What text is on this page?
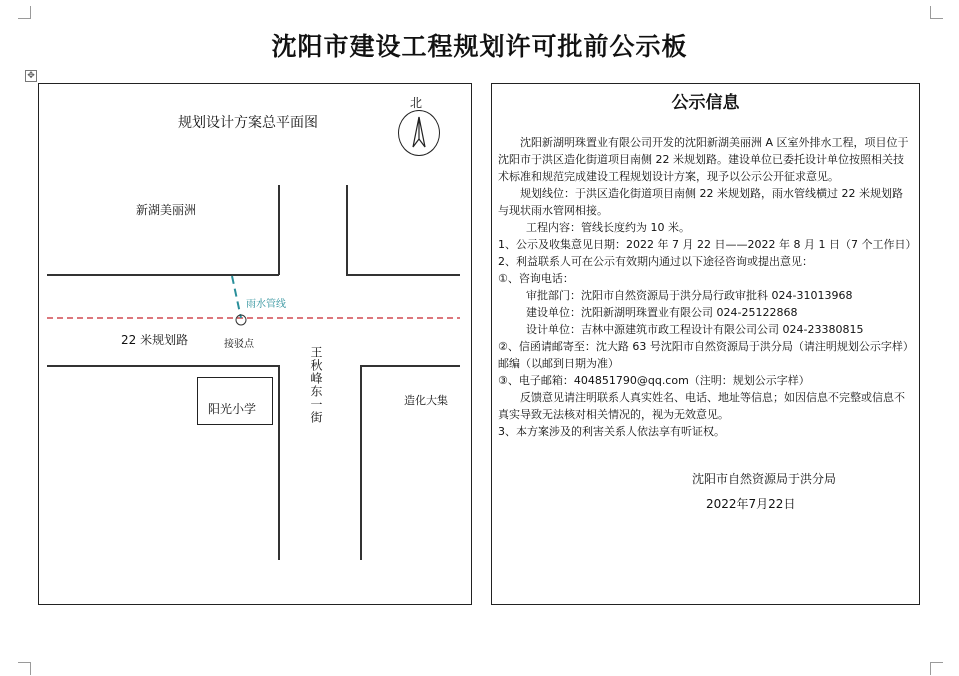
✥
沈阳市建设工程规划许可批前公示板
规划设计方案总平面图
北
新湖美丽洲
雨水管线
22 米规划路	接驳点
阳光小学	王秋峰东一街	造化大集
公示信息

沈阳新湖明珠置业有限公司开发的沈阳新湖美丽洲 A 区室外排水工程，项目位于沈阳市于洪区造化街道项目南侧 22 米规划路。建设单位已委托设计单位按照相关技术标准和规范完成建设工程规划设计方案，现予以公示公开征求意见。

规划线位：于洪区造化街道项目南侧 22 米规划路，雨水管线横过 22 米规划路与现状雨水管网相接。

工程内容：管线长度约为 10 米。

1、公示及收集意见日期：2022 年 7 月 22 日——2022 年 8 月 1 日（7 个工作日）

2、利益联系人可在公示有效期内通过以下途径咨询或提出意见：

①、咨询电话：

审批部门：沈阳市自然资源局于洪分局行政审批科 024-31013968

建设单位：沈阳新湖明珠置业有限公司 024-25122868

设计单位：吉林中源建筑市政工程设计有限公司公司 024-23380815

②、信函请邮寄至：沈大路 63 号沈阳市自然资源局于洪分局（请注明规划公示字样）邮编（以邮到日期为准）

③、电子邮箱：404851790@qq.com（注明：规划公示字样）

反馈意见请注明联系人真实姓名、电话、地址等信息；如因信息不完整或信息不真实导致无法核对相关情况的，视为无效意见。

3、本方案涉及的利害关系人依法享有听证权。

沈阳市自然资源局于洪分局
2022年7月22日
